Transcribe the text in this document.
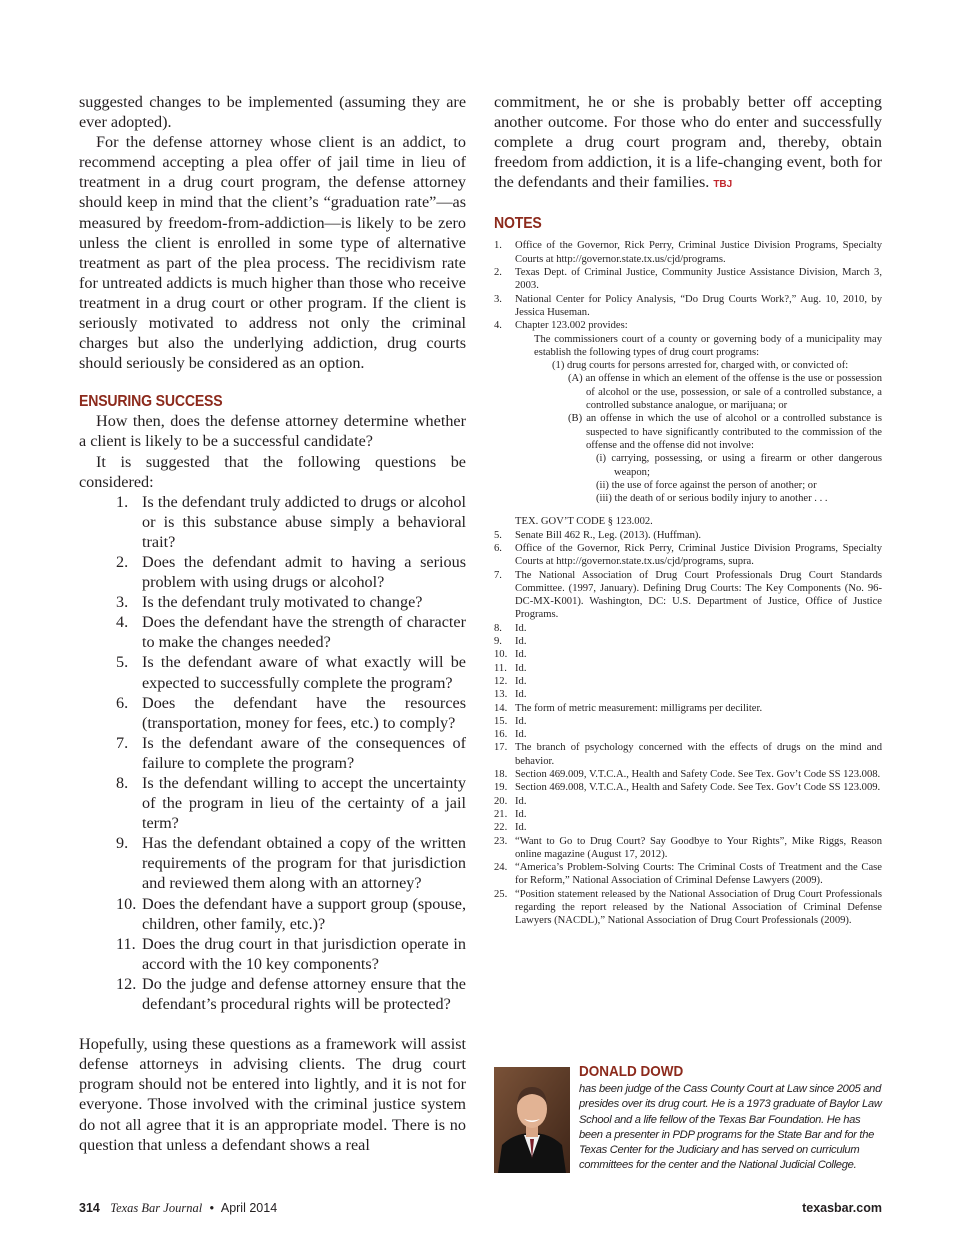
suggested changes to be implemented (assuming they are ever adopted).

For the defense attorney whose client is an addict, to recommend accepting a plea offer of jail time in lieu of treatment in a drug court program, the defense attorney should keep in mind that the client’s “graduation rate”—as measured by freedom-from-addiction—is likely to be zero unless the client is enrolled in some type of alternative treatment as part of the plea process. The recidivism rate for untreated addicts is much higher than those who receive treatment in a drug court or other program. If the client is seriously motivated to address not only the criminal charges but also the underlying addiction, drug courts should seriously be considered as an option.

ENSURING SUCCESS

How then, does the defense attorney determine whether a client is likely to be a successful candidate?

It is suggested that the following questions be considered:

1. Is the defendant truly addicted to drugs or alcohol or is this substance abuse simply a behavioral trait?
2. Does the defendant admit to having a serious problem with using drugs or alcohol?
3. Is the defendant truly motivated to change?
4. Does the defendant have the strength of character to make the changes needed?
5. Is the defendant aware of what exactly will be expected to successfully complete the program?
6. Does the defendant have the resources (transportation, money for fees, etc.) to comply?
7. Is the defendant aware of the consequences of failure to complete the program?
8. Is the defendant willing to accept the uncertainty of the program in lieu of the certainty of a jail term?
9. Has the defendant obtained a copy of the written requirements of the program for that jurisdiction and reviewed them along with an attorney?
10. Does the defendant have a support group (spouse, children, other family, etc.)?
11. Does the drug court in that jurisdiction operate in accord with the 10 key components?
12. Do the judge and defense attorney ensure that the defendant’s procedural rights will be protected?

Hopefully, using these questions as a framework will assist defense attorneys in advising clients. The drug court program should not be entered into lightly, and it is not for everyone. Those involved with the criminal justice system do not all agree that it is an appropriate model. There is no question that unless a defendant shows a real

commitment, he or she is probably better off accepting another outcome. For those who do enter and successfully complete a drug court program and, thereby, obtain freedom from addiction, it is a life-changing event, both for the defendants and their families. TBJ

NOTES

1. Office of the Governor, Rick Perry, Criminal Justice Division Programs, Specialty Courts at http://governor.state.tx.us/cjd/programs.
2. Texas Dept. of Criminal Justice, Community Justice Assistance Division, March 3, 2003.
3. National Center for Policy Analysis, “Do Drug Courts Work?,” Aug. 10, 2010, by Jessica Huseman.
4. Chapter 123.002 provides:
The commissioners court of a county or governing body of a municipality may establish the following types of drug court programs:
(1) drug courts for persons arrested for, charged with, or convicted of:
(A) an offense in which an element of the offense is the use or possession of alcohol or the use, possession, or sale of a controlled substance, a controlled substance analogue, or marijuana; or
(B) an offense in which the use of alcohol or a controlled substance is suspected to have significantly contributed to the commission of the offense and the offense did not involve:
(i) carrying, possessing, or using a firearm or other dangerous weapon;
(ii) the use of force against the person of another; or
(iii) the death of or serious bodily injury to another . . .
TEX. GOV’T CODE § 123.002.
5. Senate Bill 462 R., Leg. (2013). (Huffman).
6. Office of the Governor, Rick Perry, Criminal Justice Division Programs, Specialty Courts at http://governor.state.tx.us/cjd/programs, supra.
7. The National Association of Drug Court Professionals Drug Court Standards Committee. (1997, January). Defining Drug Courts: The Key Components (No. 96-DC-MX-K001). Washington, DC: U.S. Department of Justice, Office of Justice Programs.
8. Id.
9. Id.
10. Id.
11. Id.
12. Id.
13. Id.
14. The form of metric measurement: milligrams per deciliter.
15. Id.
16. Id.
17. The branch of psychology concerned with the effects of drugs on the mind and behavior.
18. Section 469.009, V.T.C.A., Health and Safety Code. See Tex. Gov’t Code SS 123.008.
19. Section 469.008, V.T.C.A., Health and Safety Code. See Tex. Gov’t Code SS 123.009.
20. Id.
21. Id.
22. Id.
23. “Want to Go to Drug Court? Say Goodbye to Your Rights”, Mike Riggs, Reason online magazine (August 17, 2012).
24. “America’s Problem-Solving Courts: The Criminal Costs of Treatment and the Case for Reform,” National Association of Criminal Defense Lawyers (2009).
25. “Position statement released by the National Association of Drug Court Professionals regarding the report released by the National Association of Criminal Defense Lawyers (NACDL),” National Association of Drug Court Professionals (2009).

DONALD DOWD

has been judge of the Cass County Court at Law since 2005 and presides over its drug court. He is a 1973 graduate of Baylor Law School and a life fellow of the Texas Bar Foundation. He has been a presenter in PDP programs for the State Bar and for the Texas Center for the Judiciary and has served on curriculum committees for the center and the National Judicial College.

314 Texas Bar Journal • April 2014	texasbar.com
